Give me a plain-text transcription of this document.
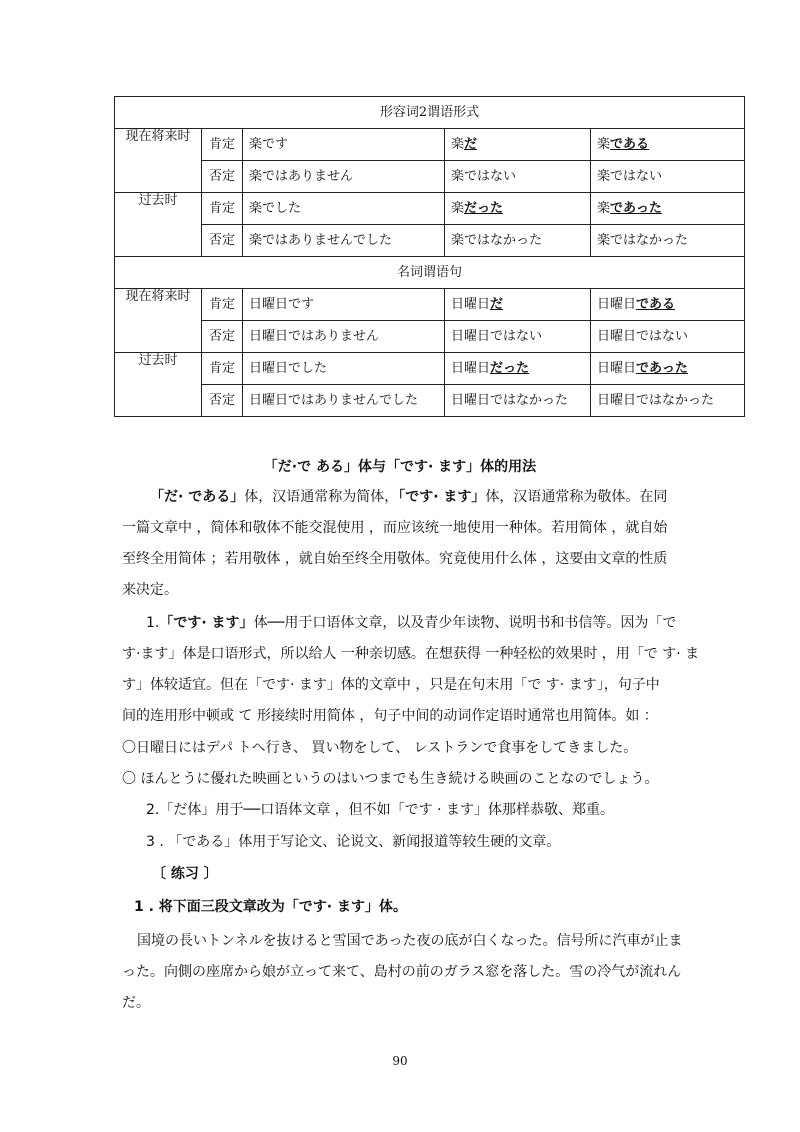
形容词2谓语形式				
现在将来时	肯定	楽です	楽だ	楽である
	否定	楽ではありません	楽ではない	楽ではない
过去时	肯定	楽でした	楽だった	楽であった
	否定	楽ではありませんでした	楽ではなかった	楽ではなかった
名词谓语句				
现在将来时	肯定	日曜日です	日曜日だ	日曜日である
	否定	日曜日ではありません	日曜日ではない	日曜日ではない
过去时	肯定	日曜日でした	日曜日だった	日曜日であった
	否定	日曜日ではありませんでした	日曜日ではなかった	日曜日ではなかった
「だ·で ある」体与「です· ます」体的用法
「だ· である」体，汉语通常称为简体，「です· ます」体，汉语通常称为敬体。在同
一篇文章中 ，简体和敬体不能交混使用 ，而应该统一地使用一种体。若用简体 ，就自始
至终全用简体 ；若用敬体 ，就自始至终全用敬体。究竟使用什么体 ，这要由文章的性质
来决定。
1.「です· ます」体──用于口语体文章，以及青少年读物、说明书和书信等。因为「で
す·ます」体是口语形式，所以给人 一种亲切感。在想获得 一种轻松的效果时 ，用「で す· ま
す」体较适宜。但在「です· ます」体的文章中 ，只是在句末用「で す· ます」，句子中
间的连用形中顿或 て 形接续时用简体 ，句子中间的动词作定语时通常也用简体。如 ：
〇日曜日にはデパ トへ行き、 買い物をして、 レストランで食事をしてきました。
〇 ほんとうに優れた映画というのはいつまでも生き続ける映画のことなのでしょう。
2.「だ体」用于──口语体文章 ，但不如「です · ます」体那样恭敬、郑重。
3 . 「である」体用于写论文、论说文、新闻报道等较生硬的文章。
〔 练习 〕
1 . 将下面三段文章改为「です· ます」体。
国境の長いトンネルを抜けると雪国であった夜の底が白くなった。信号所に汽車が止ま
った。向側の座席から娘が立って来て、島村の前のガラス窓を落した。雪の冷气が流れん
だ。
90
